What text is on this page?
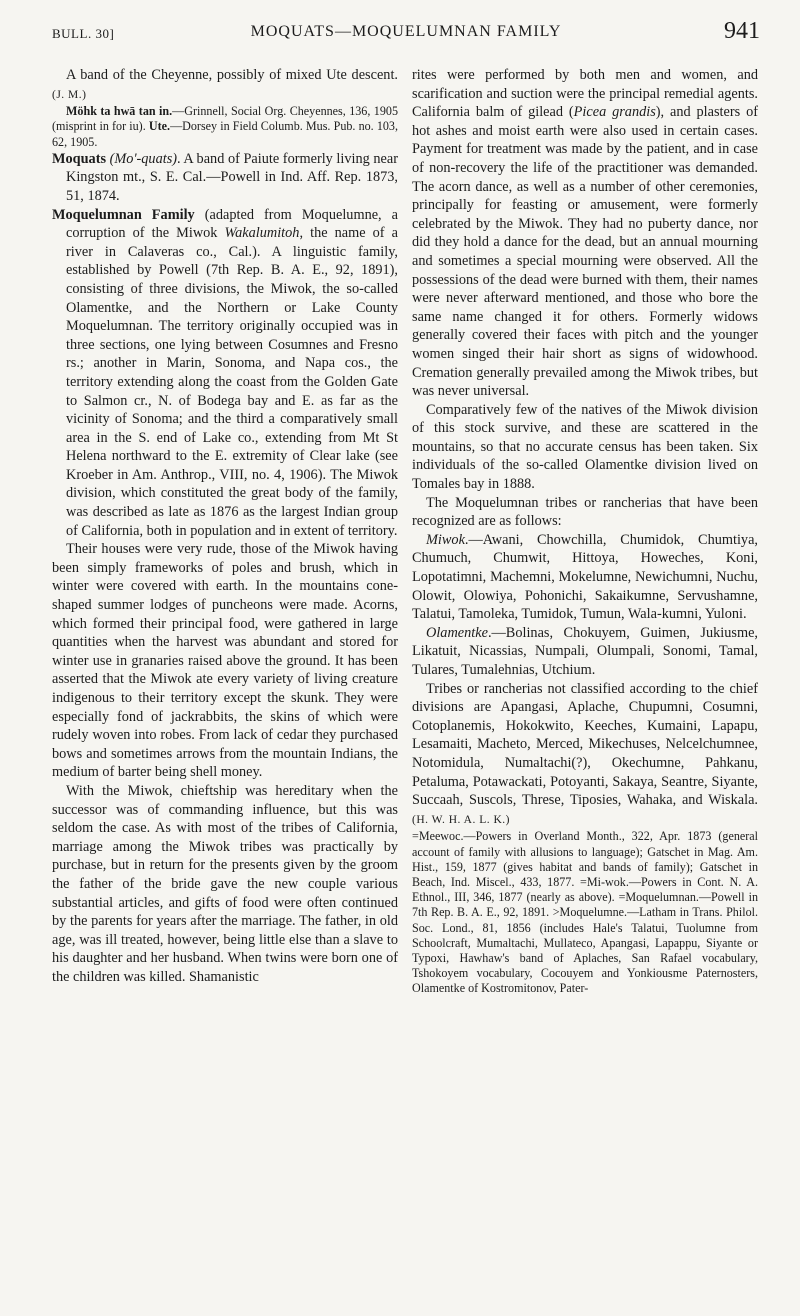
BULL. 30]	MOQUATS—MOQUELUMNAN FAMILY	941

A band of the Cheyenne, possibly of mixed Ute descent. (J. M.)

Möhk ta hwā tan in.—Grinnell, Social Org. Cheyennes, 136, 1905 (misprint in for iu). Ute.—Dorsey in Field Columb. Mus. Pub. no. 103, 62, 1905.

Moquats (Mo'-quats). A band of Paiute formerly living near Kingston mt., S. E. Cal.—Powell in Ind. Aff. Rep. 1873, 51, 1874.

Moquelumnan Family (adapted from Moquelumne, a corruption of the Miwok Wakalumitoh, the name of a river in Calaveras co., Cal.). A linguistic family, established by Powell (7th Rep. B. A. E., 92, 1891), consisting of three divisions, the Miwok, the so-called Olamentke, and the Northern or Lake County Moquelumnan. The territory originally occupied was in three sections, one lying between Cosumnes and Fresno rs.; another in Marin, Sonoma, and Napa cos., the territory extending along the coast from the Golden Gate to Salmon cr., N. of Bodega bay and E. as far as the vicinity of Sonoma; and the third a comparatively small area in the S. end of Lake co., extending from Mt St Helena northward to the E. extremity of Clear lake (see Kroeber in Am. Anthrop., VIII, no. 4, 1906). The Miwok division, which constituted the great body of the family, was described as late as 1876 as the largest Indian group of California, both in population and in extent of territory.

Their houses were very rude, those of the Miwok having been simply frameworks of poles and brush, which in winter were covered with earth. In the mountains cone-shaped summer lodges of puncheons were made. Acorns, which formed their principal food, were gathered in large quantities when the harvest was abundant and stored for winter use in granaries raised above the ground. It has been asserted that the Miwok ate every variety of living creature indigenous to their territory except the skunk. They were especially fond of jackrabbits, the skins of which were rudely woven into robes. From lack of cedar they purchased bows and sometimes arrows from the mountain Indians, the medium of barter being shell money.

With the Miwok, chieftship was hereditary when the successor was of commanding influence, but this was seldom the case. As with most of the tribes of California, marriage among the Miwok tribes was practically by purchase, but in return for the presents given by the groom the father of the bride gave the new couple various substantial articles, and gifts of food were often continued by the parents for years after the marriage. The father, in old age, was ill treated, however, being little else than a slave to his daughter and her husband. When twins were born one of the children was killed. Shamanistic

rites were performed by both men and women, and scarification and suction were the principal remedial agents. California balm of gilead (Picea grandis), and plasters of hot ashes and moist earth were also used in certain cases. Payment for treatment was made by the patient, and in case of non-recovery the life of the practitioner was demanded. The acorn dance, as well as a number of other ceremonies, principally for feasting or amusement, were formerly celebrated by the Miwok. They had no puberty dance, nor did they hold a dance for the dead, but an annual mourning and sometimes a special mourning were observed. All the possessions of the dead were burned with them, their names were never afterward mentioned, and those who bore the same name changed it for others. Formerly widows generally covered their faces with pitch and the younger women singed their hair short as signs of widowhood. Cremation generally prevailed among the Miwok tribes, but was never universal.

Comparatively few of the natives of the Miwok division of this stock survive, and these are scattered in the mountains, so that no accurate census has been taken. Six individuals of the so-called Olamentke division lived on Tomales bay in 1888.

The Moquelumnan tribes or rancherias that have been recognized are as follows:

Miwok.—Awani, Chowchilla, Chumidok, Chumtiya, Chumuch, Chumwit, Hittoya, Howeches, Koni, Lopotatimni, Machemni, Mokelumne, Newichumni, Nuchu, Olowit, Olowiya, Pohonichi, Sakaikumne, Servushamne, Talatui, Tamoleka, Tumidok, Tumun, Wala-kumni, Yuloni.

Olamentke.—Bolinas, Chokuyem, Guimen, Jukiusme, Likatuit, Nicassias, Numpali, Olumpali, Sonomi, Tamal, Tulares, Tumalehnias, Utchium.

Tribes or rancherias not classified according to the chief divisions are Apangasi, Aplache, Chupumni, Cosumni, Cotoplanemis, Hokokwito, Keeches, Kumaini, Lapapu, Lesamaiti, Macheto, Merced, Mikechuses, Nelcelchumnee, Notomidula, Numaltachi(?), Okechumne, Pahkanu, Petaluma, Potawackati, Potoyanti, Sakaya, Seantre, Siyante, Succaah, Suscols, Threse, Tiposies, Wahaka, and Wiskala. (H. W. H. A. L. K.)

=Meewoc.—Powers in Overland Month., 322, Apr. 1873 (general account of family with allusions to language); Gatschet in Mag. Am. Hist., 159, 1877 (gives habitat and bands of family); Gatschet in Beach, Ind. Miscel., 433, 1877. =Mi-wok.—Powers in Cont. N. A. Ethnol., III, 346, 1877 (nearly as above). =Moquelumnan.—Powell in 7th Rep. B. A. E., 92, 1891. >Moquelumne.—Latham in Trans. Philol. Soc. Lond., 81, 1856 (includes Hale's Talatui, Tuolumne from Schoolcraft, Mumaltachi, Mullateco, Apangasi, Lapappu, Siyante or Typoxi, Hawhaw's band of Aplaches, San Rafael vocabulary, Tshokoyem vocabulary, Cocouyem and Yonkiousme Paternosters, Olamentke of Kostromitonov, Pater-
